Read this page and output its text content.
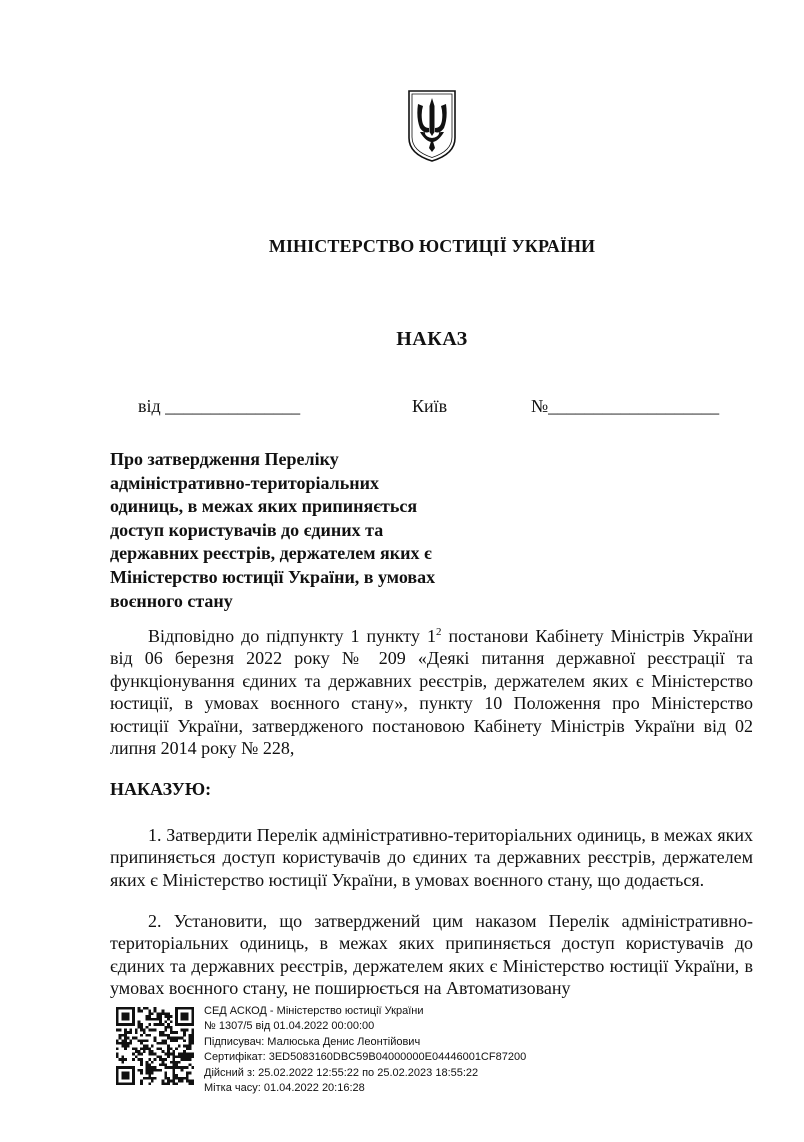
МІНІСТЕРСТВО ЮСТИЦІЇ УКРАЇНИ
НАКАЗ
від _______________	Київ	№___________________
Про затвердження Переліку
адміністративно-територіальних
одиниць, в межах яких припиняється
доступ користувачів до єдиних та
державних реєстрів, держателем яких є
Міністерство юстиції України, в умовах
воєнного стану

Відповідно до підпункту 1 пункту $1^2$ постанови Кабінету Міністрів України від 06 березня 2022 року № 209 «Деякі питання державної реєстрації та функціонування єдиних та державних реєстрів, держателем яких є Міністерство юстиції, в умовах воєнного стану», пункту 10 Положення про Міністерство юстиції України, затвердженого постановою Кабінету Міністрів України від 02 липня 2014 року № 228,

НАКАЗУЮ:

1. Затвердити Перелік адміністративно-територіальних одиниць, в межах яких припиняється доступ користувачів до єдиних та державних реєстрів, держателем яких є Міністерство юстиції України, в умовах воєнного стану, що додається.

2. Установити, що затверджений цим наказом Перелік адміністративно-територіальних одиниць, в межах яких припиняється доступ користувачів до єдиних та державних реєстрів, держателем яких є Міністерство юстиції України, в умовах воєнного стану, не поширюється на Автоматизовану

СЕД АСКОД - Міністерство юстиції України
№ 1307/5 від 01.04.2022 00:00:00
Підписувач: Малюська Денис Леонтійович
Сертифікат: 3ED5083160DBC59B04000000E04446001CF87200
Дійсний з: 25.02.2022 12:55:22 по 25.02.2023 18:55:22
Мітка часу: 01.04.2022 20:16:28
